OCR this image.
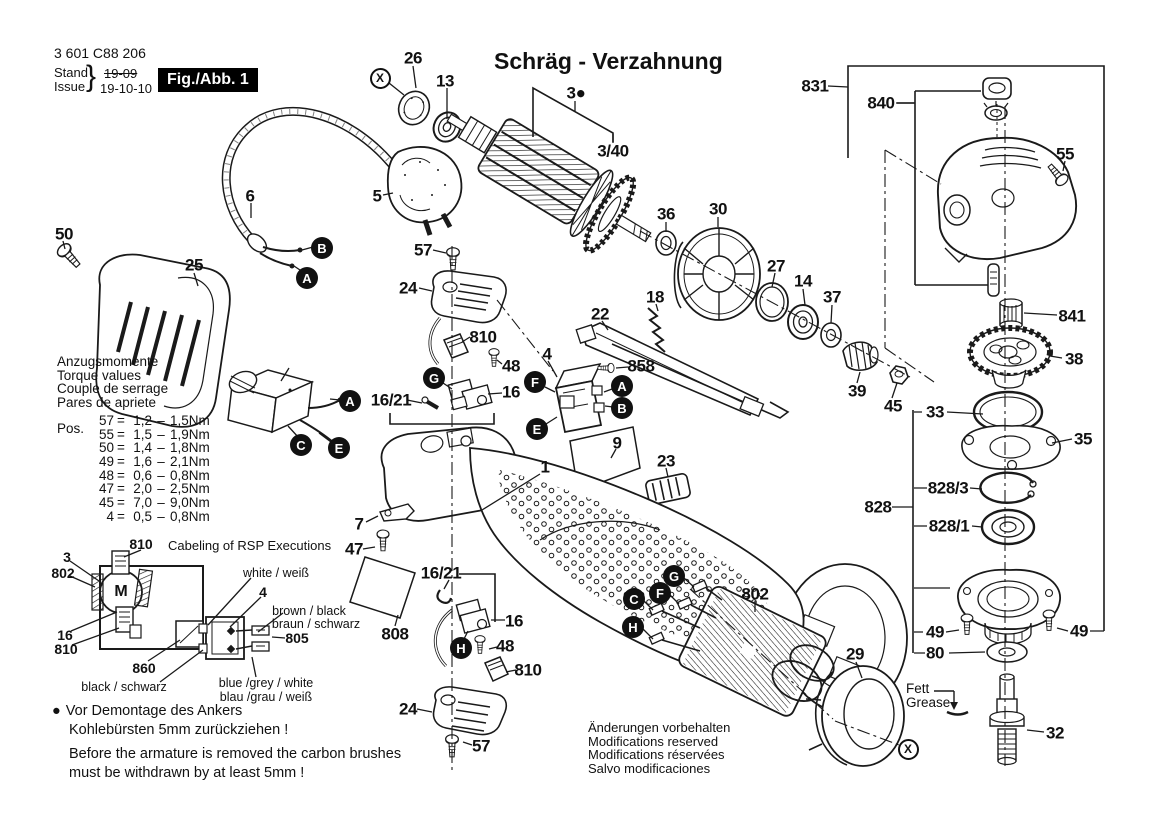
3 601 C88 206
Stand
Issue } 19-09
19-10-10
Fig./Abb. 1
Schräg - Verzahnung
Anzugsmomente
Torque values
Couple de serrage
Pares de apriete
Pos.
57 = 1,2 – 1,5Nm
55 = 1,5 – 1,9Nm
50 = 1,4 – 1,8Nm
49 = 1,6 – 2,1Nm
48 = 0,6 – 0,8Nm
47 = 2,0 – 2,5Nm
45 = 7,0 – 9,0Nm
4 = 0,5 – 0,8Nm
Cabeling of RSP Executions
M
● Vor Demontage des Ankers
Kohlebürsten 5mm zurückziehen !
Before the armature is removed the carbon brushes
must be withdrawn by at least 5mm !
Änderungen vorbehalten
Modifications reserved
Modifications réservées
Salvo modificaciones
Fett
Grease
50
25
6	5
26
13
57
24
810
48
16/21	16
3●
3/40
36 30
27
14
37
18
22
39
45
858
4
9
23
1
7
47
808
16/21
16
48
810
24
57
802
29
32
831
840
55
841
38
33
35
828/3
828
828/1
49	49
80
X
B
A
A
C	E
G	F
E
A
B
H
G
F
C
H
X
810
3
802
16
810
860
black / schwarz
white / weiß
4
brown / black
braun / schwarz
805
blue /grey / white
blau /grau / weiß
